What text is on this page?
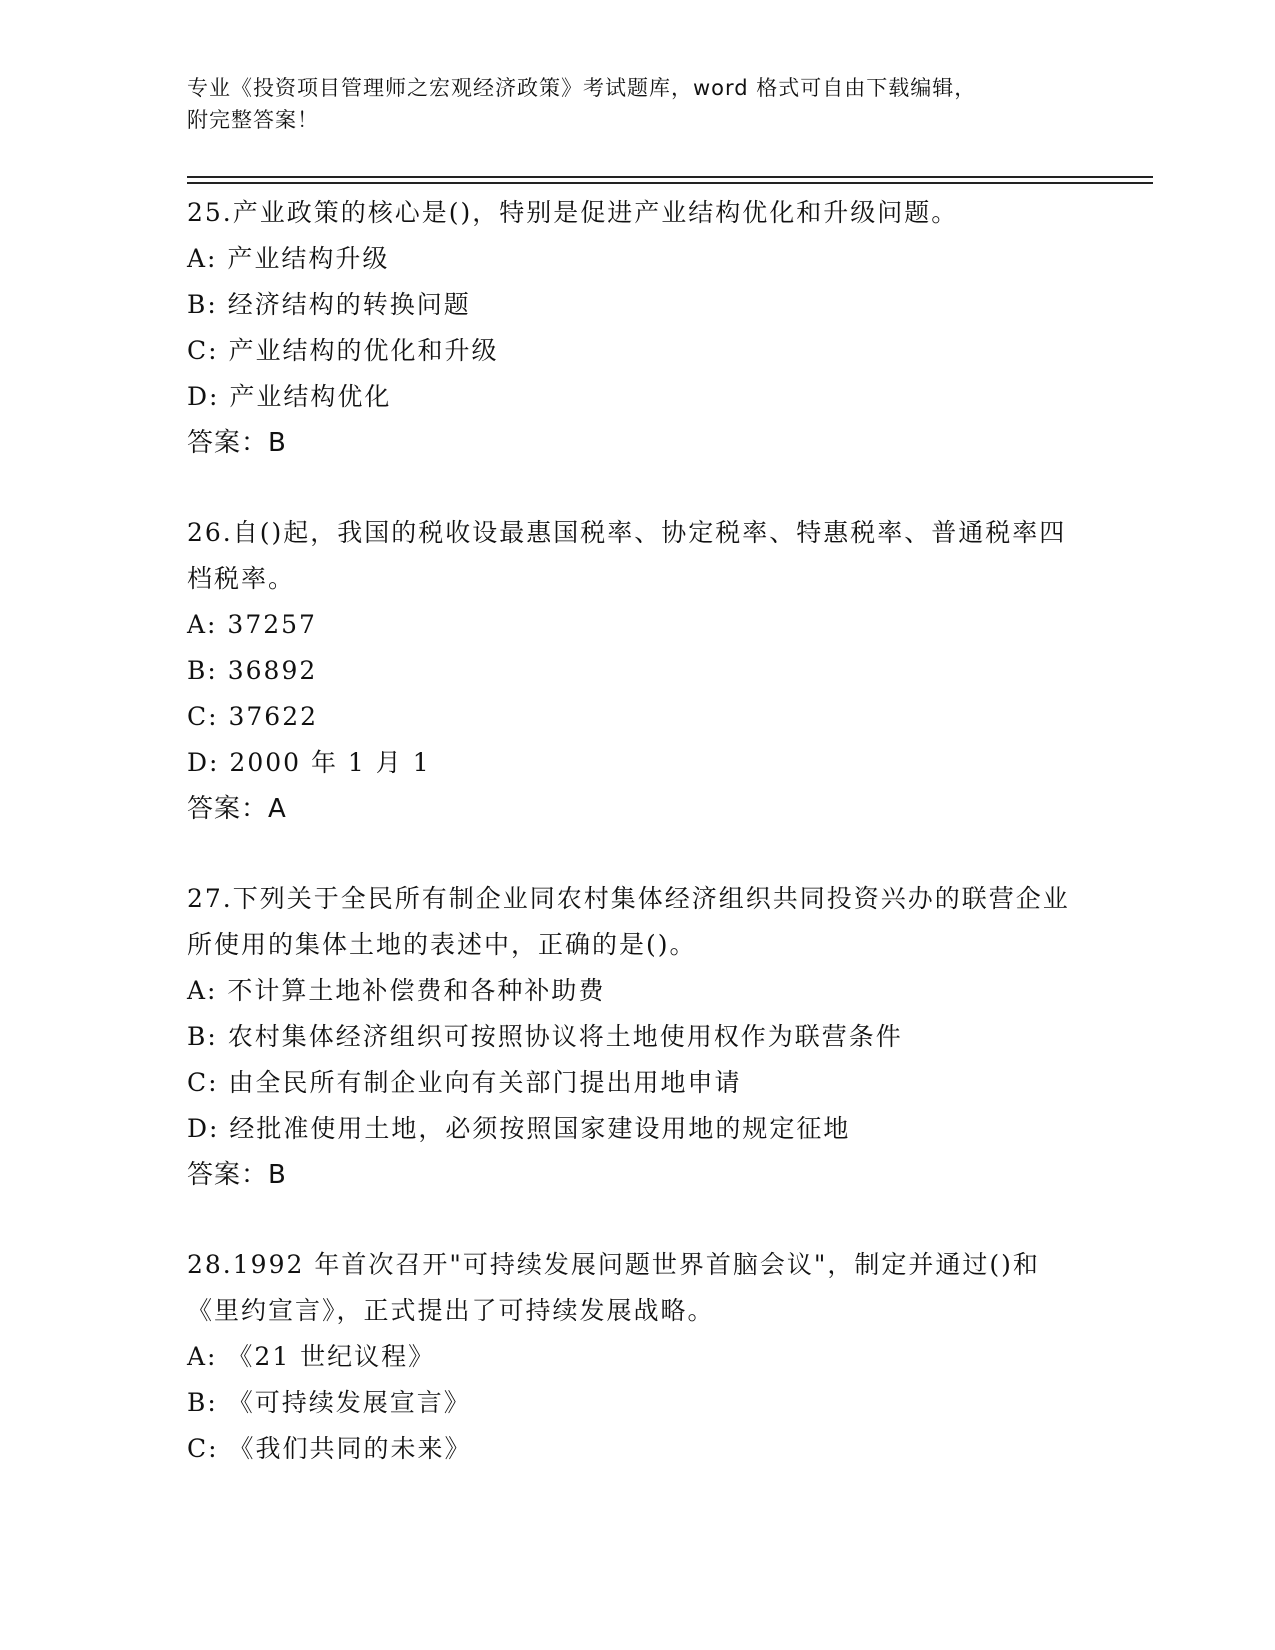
专业《投资项目管理师之宏观经济政策》考试题库，word 格式可自由下载编辑，
附完整答案！
25.产业政策的核心是()，特别是促进产业结构优化和升级问题。
A: 产业结构升级
B: 经济结构的转换问题
C: 产业结构的优化和升级
D: 产业结构优化
答案：B
26.自()起，我国的税收设最惠国税率、协定税率、特惠税率、普通税率四档税率。
A: 37257
B: 36892
C: 37622
D: 2000 年 1 月 1
答案：A
27.下列关于全民所有制企业同农村集体经济组织共同投资兴办的联营企业所使用的集体土地的表述中，正确的是()。
A: 不计算土地补偿费和各种补助费
B: 农村集体经济组织可按照协议将土地使用权作为联营条件
C: 由全民所有制企业向有关部门提出用地申请
D: 经批准使用土地，必须按照国家建设用地的规定征地
答案：B
28.1992 年首次召开"可持续发展问题世界首脑会议"，制定并通过()和《里约宣言》，正式提出了可持续发展战略。
A: 《21 世纪议程》
B: 《可持续发展宣言》
C: 《我们共同的未来》
